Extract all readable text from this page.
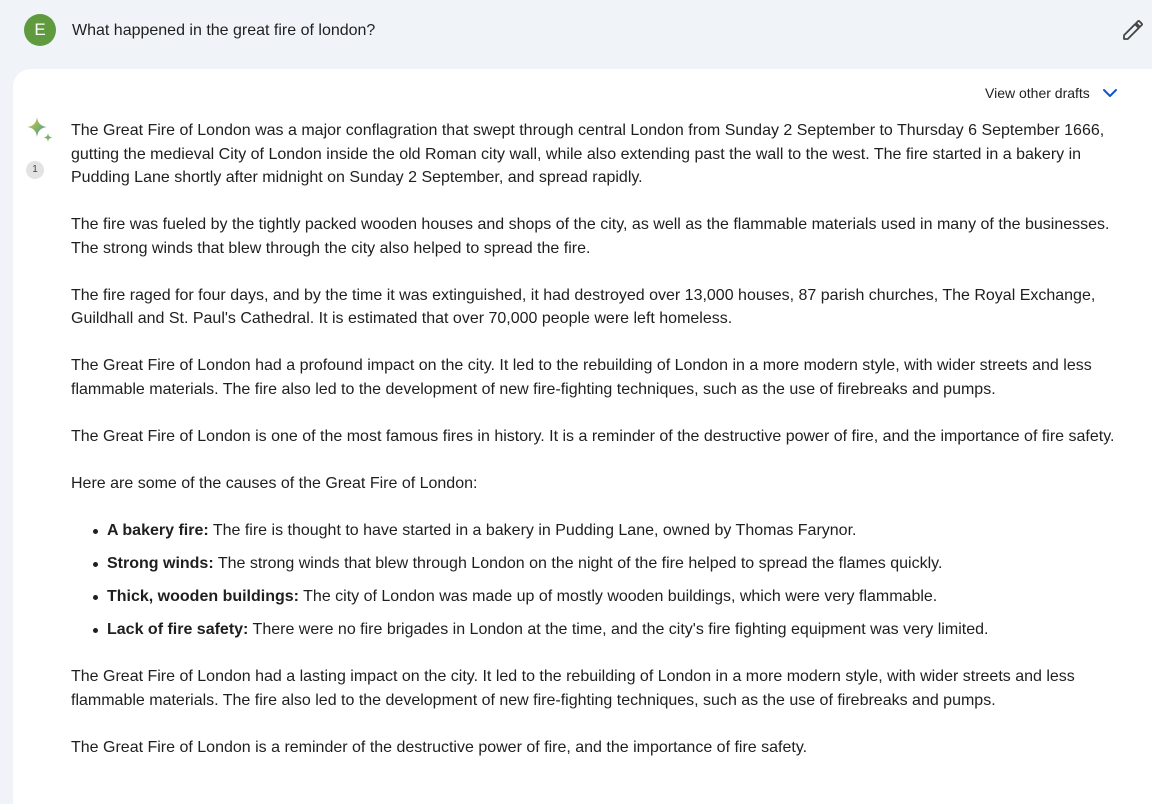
E	What happened in the great fire of london?
View other drafts
1

The Great Fire of London was a major conflagration that swept through central London from Sunday 2 September to Thursday 6 September 1666, gutting the medieval City of London inside the old Roman city wall, while also extending past the wall to the west. The fire started in a bakery in Pudding Lane shortly after midnight on Sunday 2 September, and spread rapidly.

The fire was fueled by the tightly packed wooden houses and shops of the city, as well as the flammable materials used in many of the businesses. The strong winds that blew through the city also helped to spread the fire.

The fire raged for four days, and by the time it was extinguished, it had destroyed over 13,000 houses, 87 parish churches, The Royal Exchange, Guildhall and St. Paul's Cathedral. It is estimated that over 70,000 people were left homeless.

The Great Fire of London had a profound impact on the city. It led to the rebuilding of London in a more modern style, with wider streets and less flammable materials. The fire also led to the development of new fire-fighting techniques, such as the use of firebreaks and pumps.

The Great Fire of London is one of the most famous fires in history. It is a reminder of the destructive power of fire, and the importance of fire safety.

Here are some of the causes of the Great Fire of London:

A bakery fire: The fire is thought to have started in a bakery in Pudding Lane, owned by Thomas Farynor.
Strong winds: The strong winds that blew through London on the night of the fire helped to spread the flames quickly.
Thick, wooden buildings: The city of London was made up of mostly wooden buildings, which were very flammable.
Lack of fire safety: There were no fire brigades in London at the time, and the city's fire fighting equipment was very limited.

The Great Fire of London had a lasting impact on the city. It led to the rebuilding of London in a more modern style, with wider streets and less flammable materials. The fire also led to the development of new fire-fighting techniques, such as the use of firebreaks and pumps.

The Great Fire of London is a reminder of the destructive power of fire, and the importance of fire safety.
